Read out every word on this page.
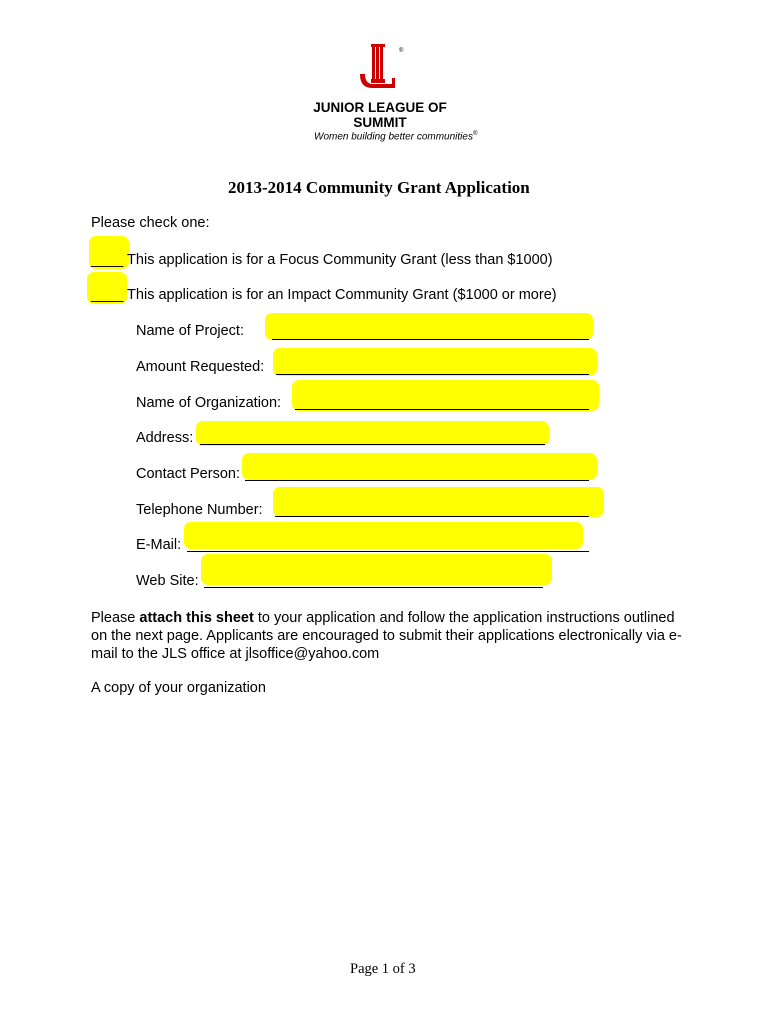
®
JUNIOR LEAGUE OF
SUMMIT
Women building better communities®
2013-2014 Community Grant Application
Please check one:
____ This application is for a Focus Community Grant (less than $1000)
____ This application is for an Impact Community Grant ($1000 or more)
Name of Project:
Amount Requested:
Name of Organization:
Address:
Contact Person:
Telephone Number:
E-Mail:
Web Site:
Please attach this sheet to your application and follow the application instructions outlined on the next page. Applicants are encouraged to submit their applications electronically via e-mail to the JLS office at jlsoffice@yahoo.com
A copy of your organization
Page 1 of 3
